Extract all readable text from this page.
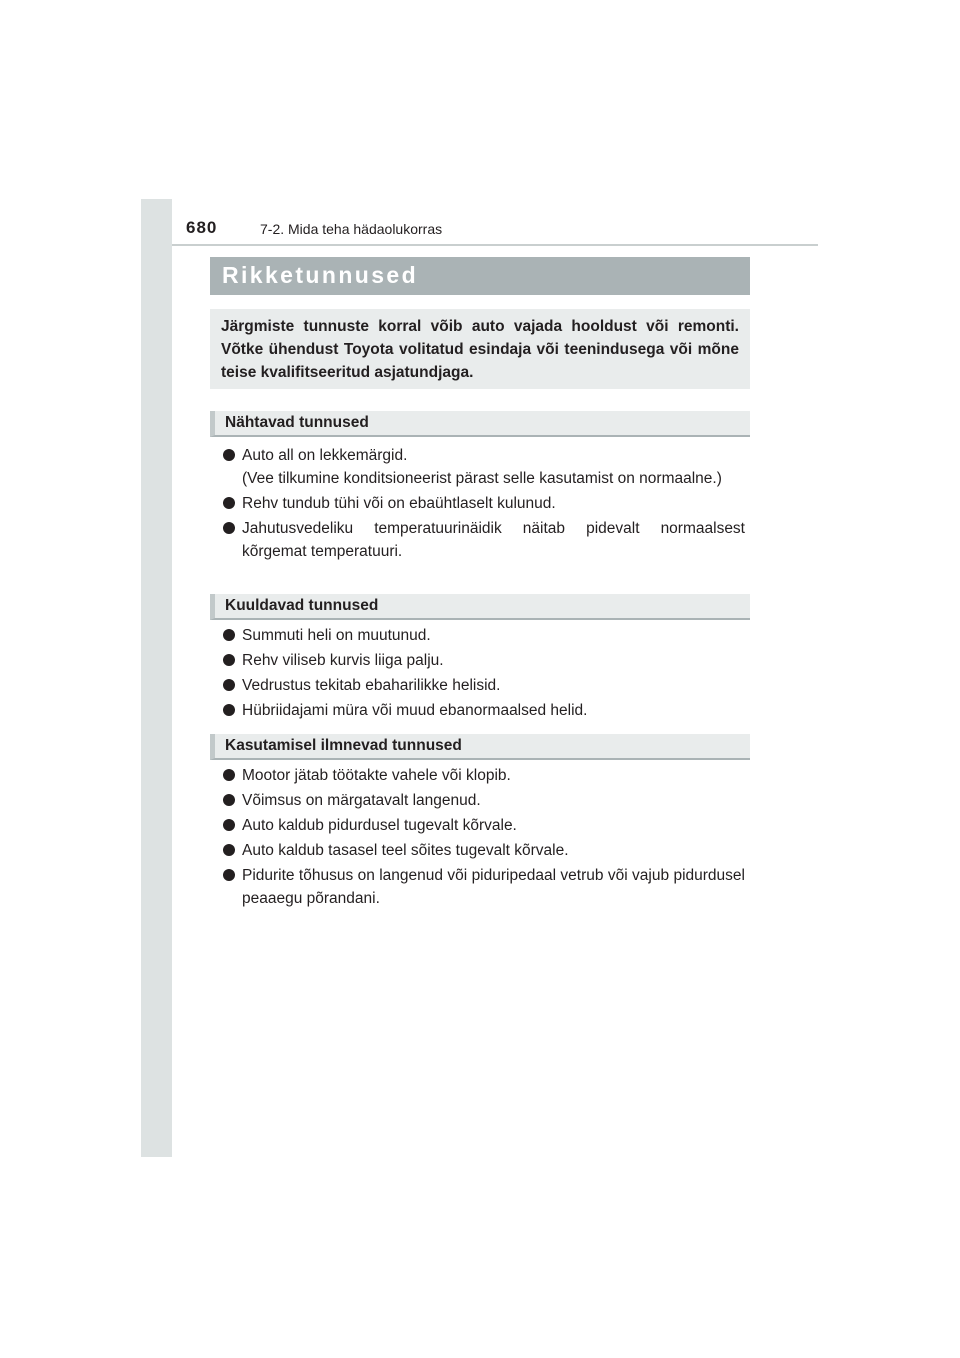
680	7-2. Mida teha hädaolukorras
Rikketunnused

Järgmiste tunnuste korral võib auto vajada hooldust või remonti. Võtke ühendust Toyota volitatud esindaja või teenindusega või mõne teise kvalifitseeritud asjatundjaga.

Nähtavad tunnused
Auto all on lekkemärgid.
(Vee tilkumine konditsioneerist pärast selle kasutamist on normaalne.)
Rehv tundub tühi või on ebaühtlaselt kulunud.
Jahutusvedeliku temperatuurinäidik näitab pidevalt normaalsest kõrgemat temperatuuri.
Kuuldavad tunnused
Summuti heli on muutunud.
Rehv viliseb kurvis liiga palju.
Vedrustus tekitab ebaharilikke helisid.
Hübriidajami müra või muud ebanormaalsed helid.
Kasutamisel ilmnevad tunnused
Mootor jätab töötakte vahele või klopib.
Võimsus on märgatavalt langenud.
Auto kaldub pidurdusel tugevalt kõrvale.
Auto kaldub tasasel teel sõites tugevalt kõrvale.
Pidurite tõhusus on langenud või piduripedaal vetrub või vajub pidurdusel peaaegu põrandani.
